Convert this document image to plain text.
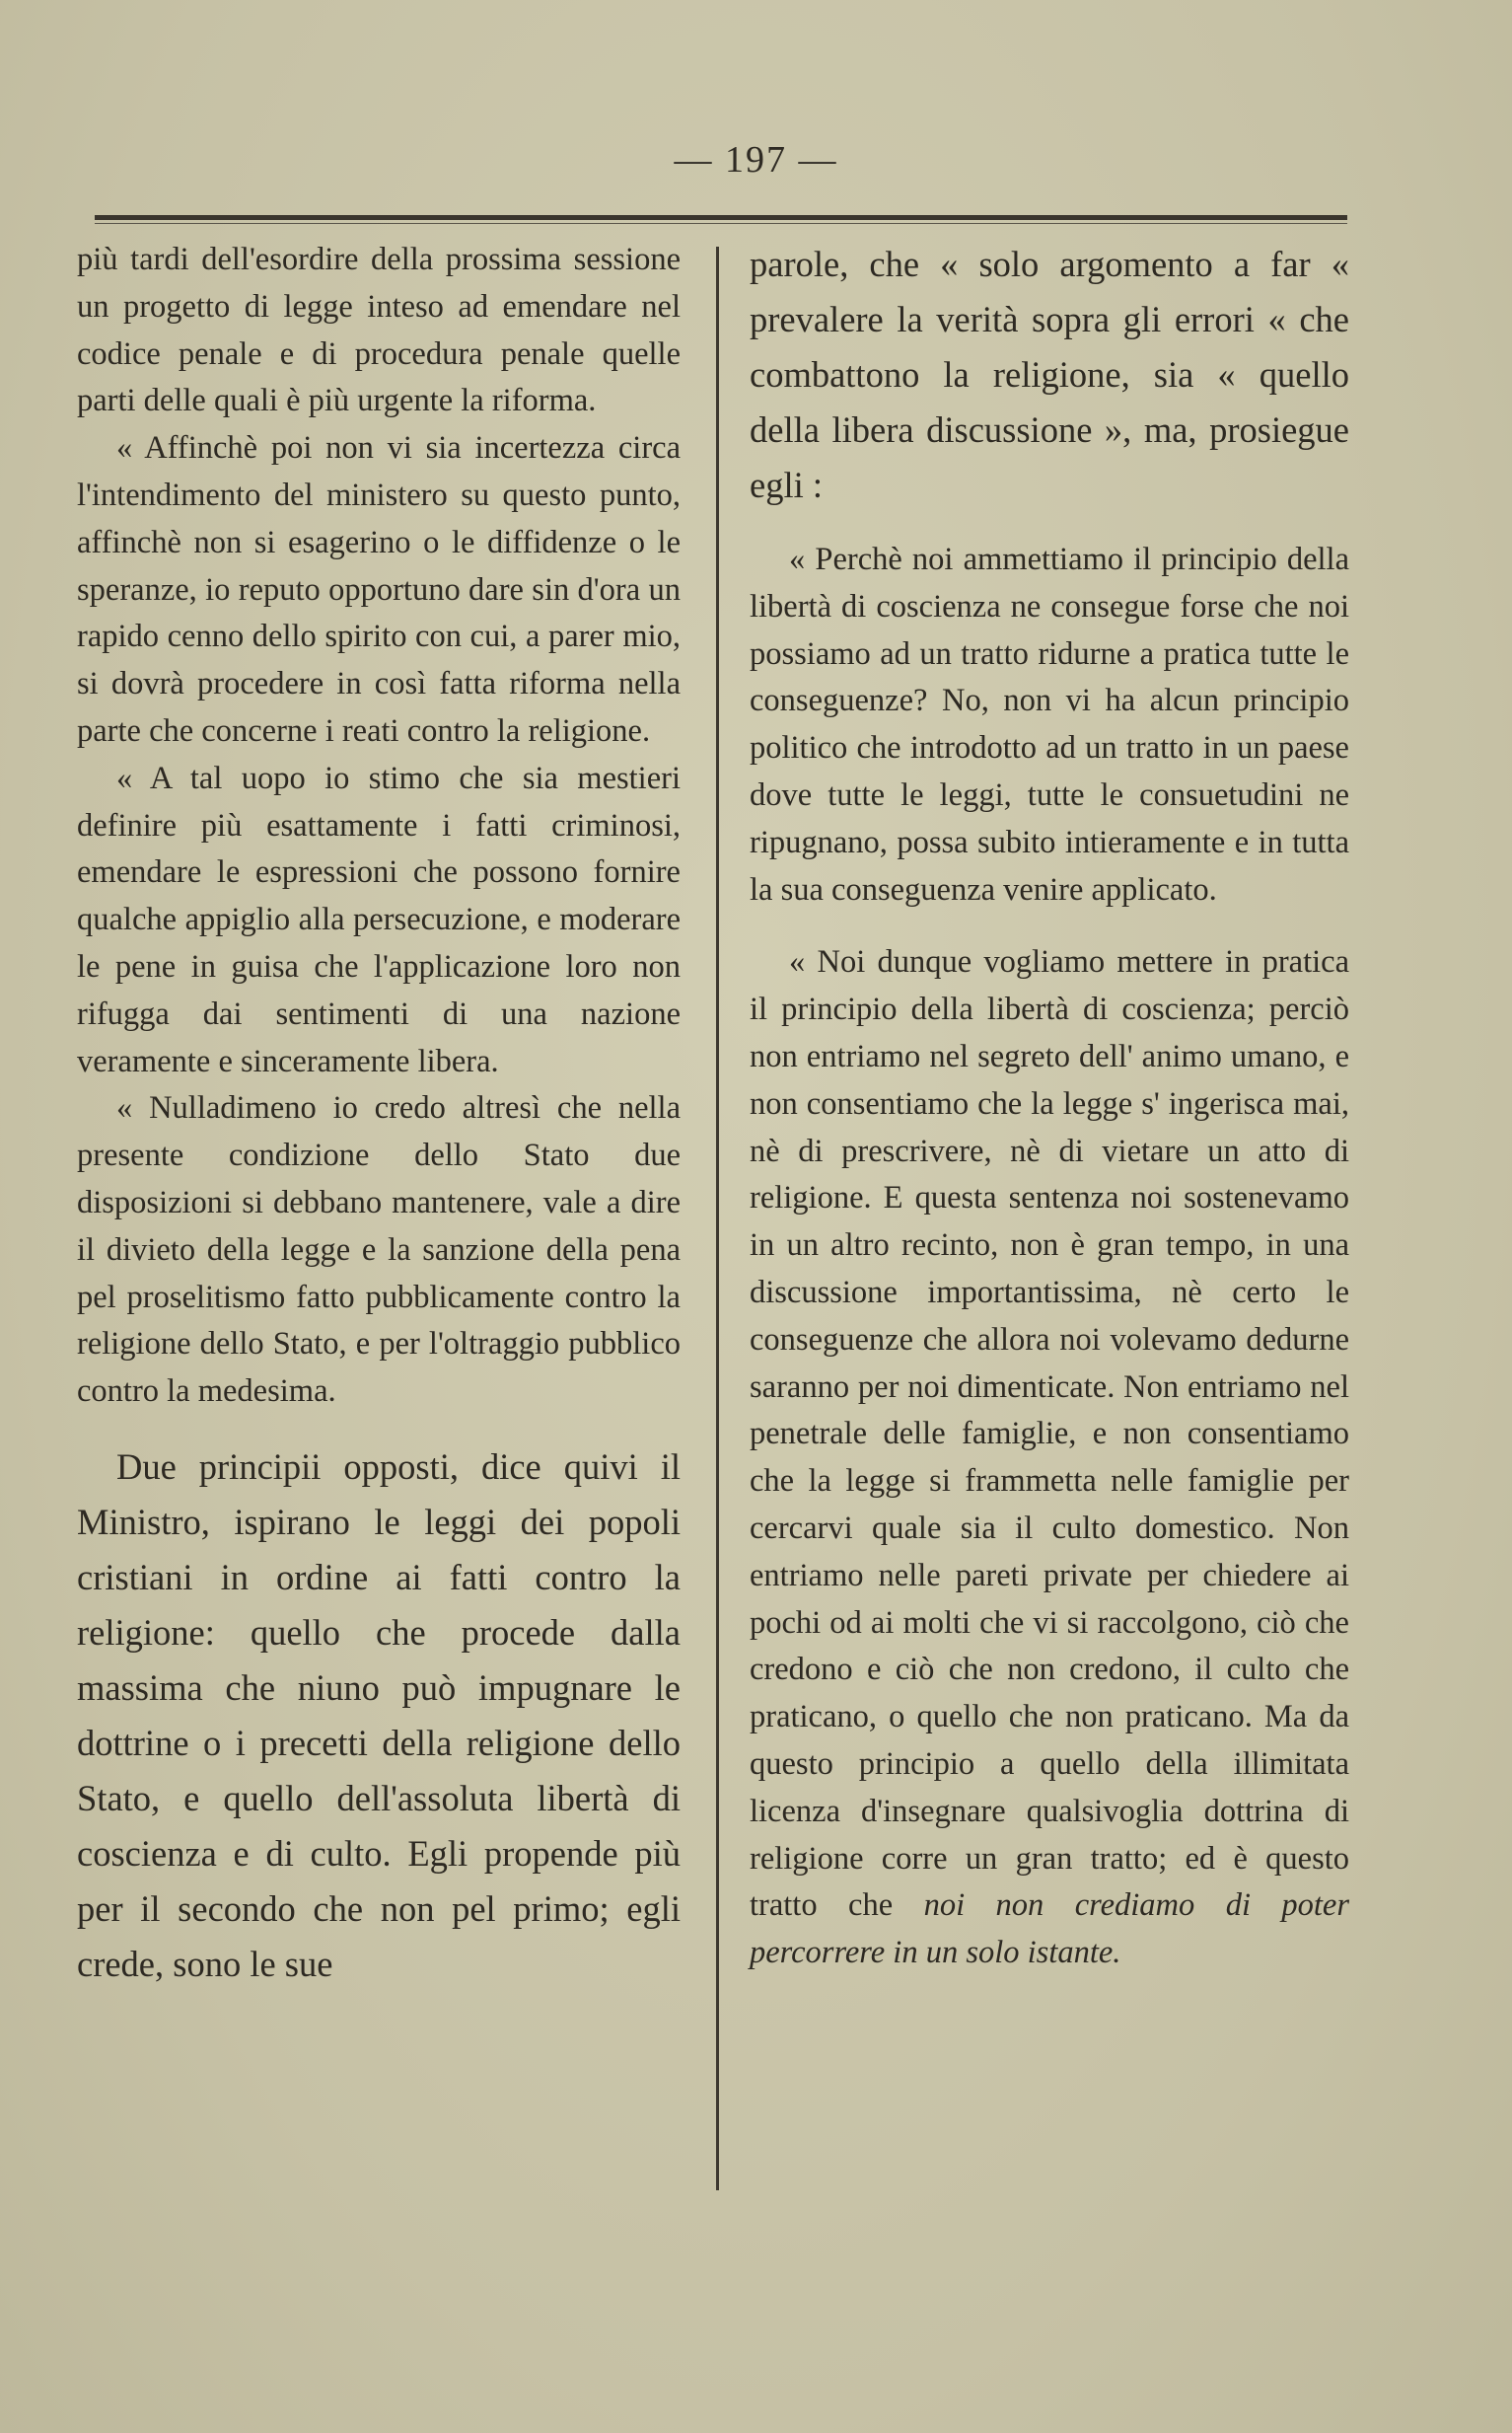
— 197 —

più tardi dell'esordire della prossima sessione un progetto di legge inteso ad emendare nel codice penale e di procedura penale quelle parti delle quali è più urgente la riforma.

« Affinchè poi non vi sia incertezza circa l'intendimento del ministero su questo punto, affinchè non si esagerino o le diffidenze o le speranze, io reputo opportuno dare sin d'ora un rapido cenno dello spirito con cui, a parer mio, si dovrà procedere in così fatta riforma nella parte che concerne i reati contro la religione.

« A tal uopo io stimo che sia mestieri definire più esattamente i fatti criminosi, emendare le espressioni che possono fornire qualche appiglio alla persecuzione, e moderare le pene in guisa che l'applicazione loro non rifugga dai sentimenti di una nazione veramente e sinceramente libera.

« Nulladimeno io credo altresì che nella presente condizione dello Stato due disposizioni si debbano mantenere, vale a dire il divieto della legge e la sanzione della pena pel proselitismo fatto pubblicamente contro la religione dello Stato, e per l'oltraggio pubblico contro la medesima.

Due principii opposti, dice quivi il Ministro, ispirano le leggi dei popoli cristiani in ordine ai fatti contro la religione: quello che procede dalla massima che niuno può impugnare le dottrine o i precetti della religione dello Stato, e quello dell'assoluta libertà di coscienza e di culto. Egli propende più per il secondo che non pel primo; egli crede, sono le sue

parole, che « solo argomento a far « prevalere la verità sopra gli errori « che combattono la religione, sia « quello della libera discussione », ma, prosiegue egli :

« Perchè noi ammettiamo il principio della libertà di coscienza ne consegue forse che noi possiamo ad un tratto ridurne a pratica tutte le conseguenze? No, non vi ha alcun principio politico che introdotto ad un tratto in un paese dove tutte le leggi, tutte le consuetudini ne ripugnano, possa subito intieramente e in tutta la sua conseguenza venire applicato.

« Noi dunque vogliamo mettere in pratica il principio della libertà di coscienza; perciò non entriamo nel segreto dell' animo umano, e non consentiamo che la legge s' ingerisca mai, nè di prescrivere, nè di vietare un atto di religione. E questa sentenza noi sostenevamo in un altro recinto, non è gran tempo, in una discussione importantissima, nè certo le conseguenze che allora noi volevamo dedurne saranno per noi dimenticate. Non entriamo nel penetrale delle famiglie, e non consentiamo che la legge si frammetta nelle famiglie per cercarvi quale sia il culto domestico. Non entriamo nelle pareti private per chiedere ai pochi od ai molti che vi si raccolgono, ciò che credono e ciò che non credono, il culto che praticano, o quello che non praticano. Ma da questo principio a quello della illimitata licenza d'insegnare qualsivoglia dottrina di religione corre un gran tratto; ed è questo tratto che noi non crediamo di poter percorrere in un solo istante.
